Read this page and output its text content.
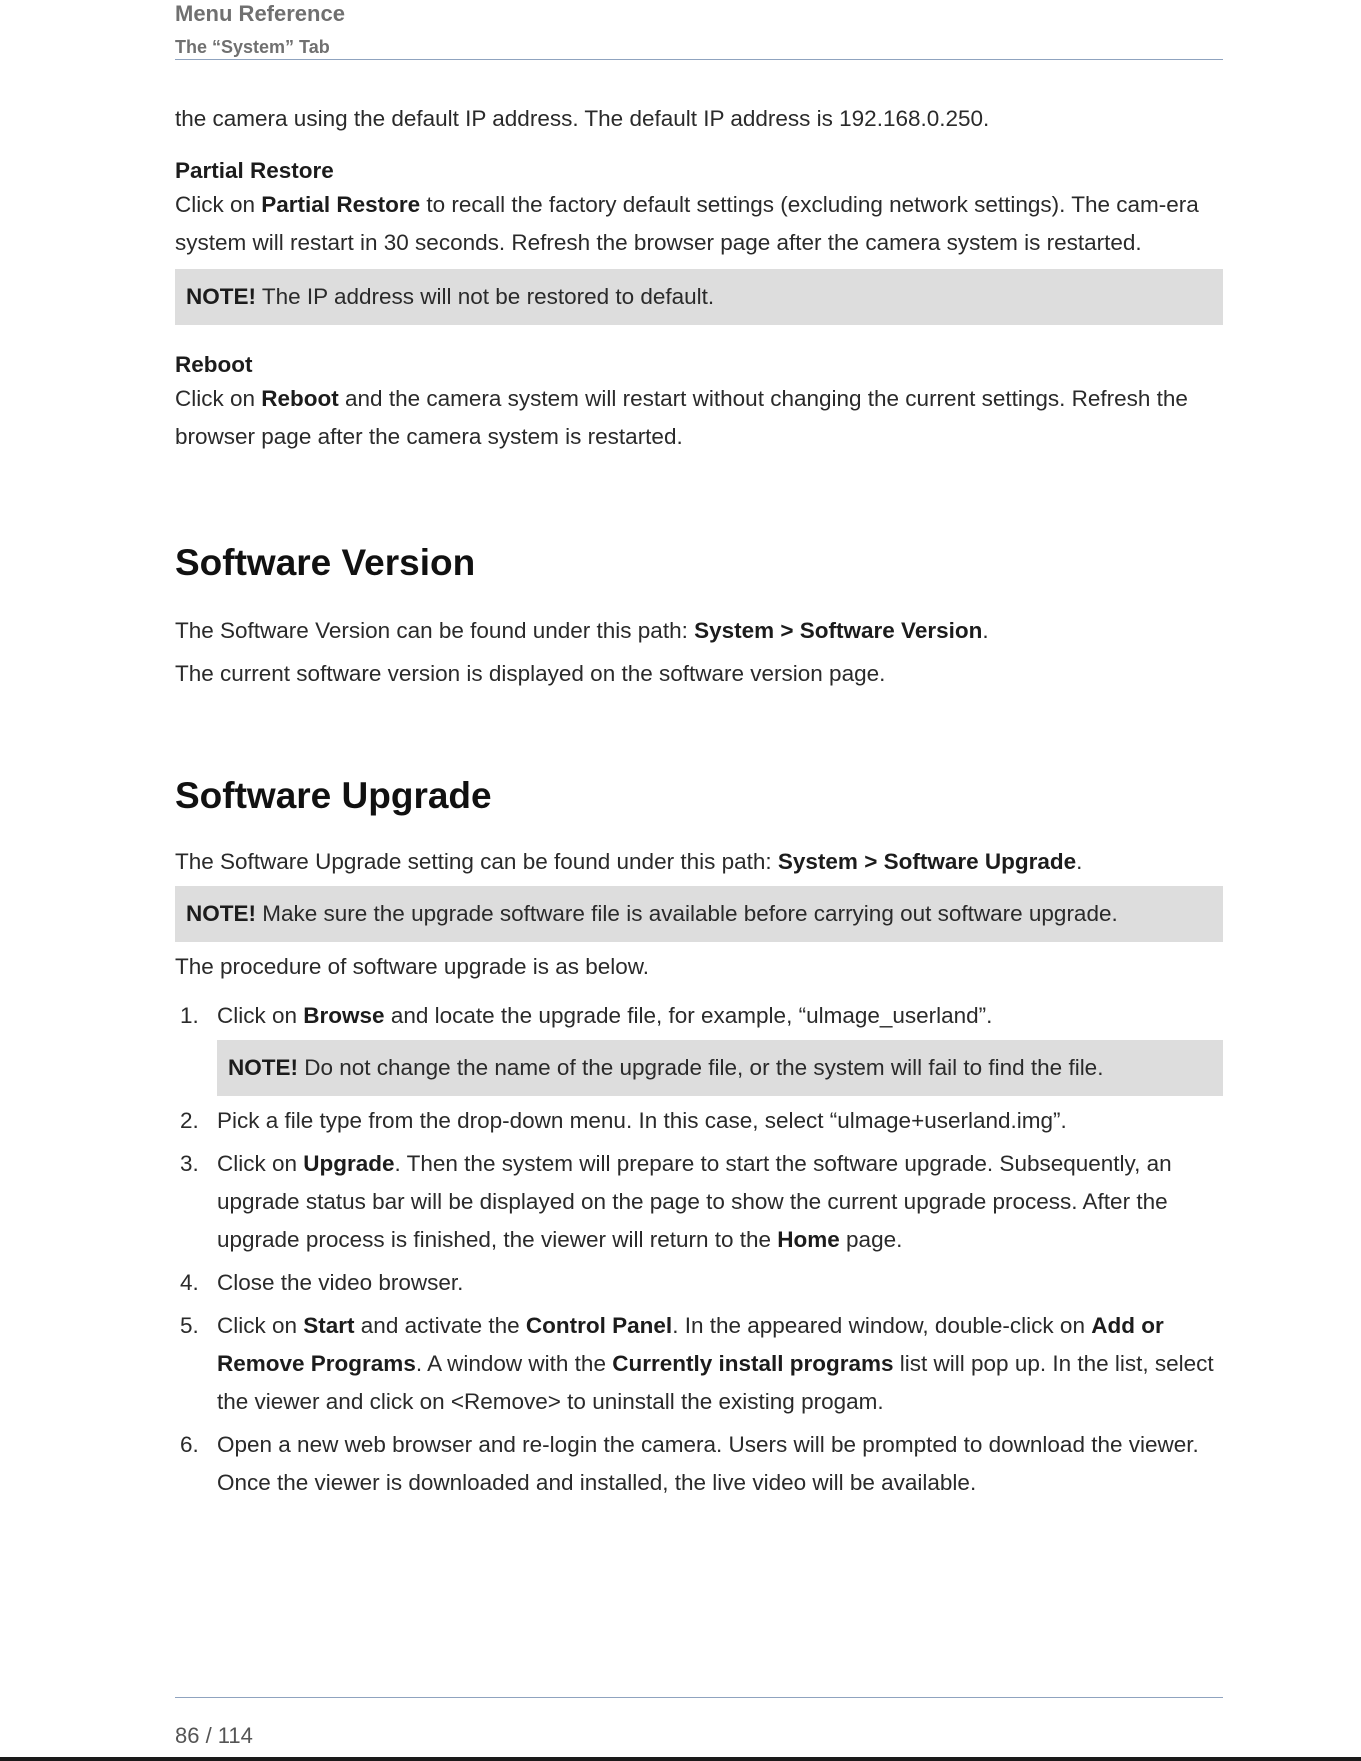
Menu Reference

The “System” Tab

the camera using the default IP address. The default IP address is 192.168.0.250.

Partial Restore

Click on Partial Restore to recall the factory default settings (excluding network settings). The cam-era system will restart in 30 seconds. Refresh the browser page after the camera system is restarted.

NOTE! The IP address will not be restored to default.

Reboot

Click on Reboot and the camera system will restart without changing the current settings. Refresh the browser page after the camera system is restarted.

Software Version

The Software Version can be found under this path: System > Software Version.

The current software version is displayed on the software version page.

Software Upgrade

The Software Upgrade setting can be found under this path: System > Software Upgrade.

NOTE! Make sure the upgrade software file is available before carrying out software upgrade.

The procedure of software upgrade is as below.

1. Click on Browse and locate the upgrade file, for example, “ulmage_userland”.
NOTE! Do not change the name of the upgrade file, or the system will fail to find the file.
2. Pick a file type from the drop-down menu. In this case, select “ulmage+userland.img”.
3. Click on Upgrade. Then the system will prepare to start the software upgrade. Subsequently, an upgrade status bar will be displayed on the page to show the current upgrade process. After the upgrade process is finished, the viewer will return to the Home page.
4. Close the video browser.
5. Click on Start and activate the Control Panel. In the appeared window, double-click on Add or Remove Programs. A window with the Currently install programs list will pop up. In the list, select the viewer and click on <Remove> to uninstall the existing progam.
6. Open a new web browser and re-login the camera. Users will be prompted to download the viewer. Once the viewer is downloaded and installed, the live video will be available.
86 / 114
